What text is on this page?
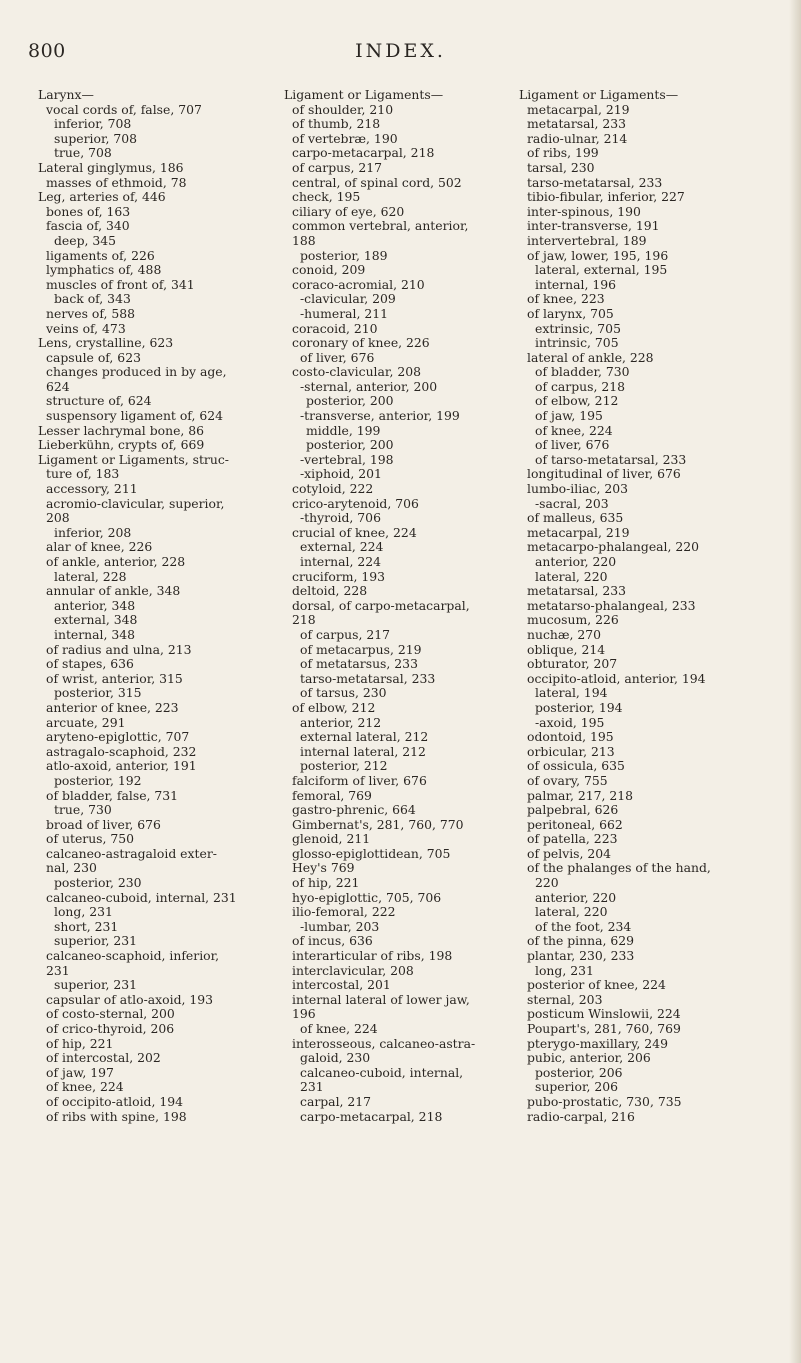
800	INDEX.
Larynx—
vocal cords of, false, 707
inferior, 708
superior, 708
true, 708
Lateral ginglymus, 186
masses of ethmoid, 78
Leg, arteries of, 446
bones of, 163
fascia of, 340
deep, 345
ligaments of, 226
lymphatics of, 488
muscles of front of, 341
back of, 343
nerves of, 588
veins of, 473
Lens, crystalline, 623
capsule of, 623
changes produced in by age,
624
structure of, 624
suspensory ligament of, 624
Lesser lachrymal bone, 86
Lieberkühn, crypts of, 669
Ligament or Ligaments, struc-
ture of, 183
accessory, 211
acromio-clavicular, superior,
208
inferior, 208
alar of knee, 226
of ankle, anterior, 228
lateral, 228
annular of ankle, 348
anterior, 348
external, 348
internal, 348
of radius and ulna, 213
of stapes, 636
of wrist, anterior, 315
posterior, 315
anterior of knee, 223
arcuate, 291
aryteno-epiglottic, 707
astragalo-scaphoid, 232
atlo-axoid, anterior, 191
posterior, 192
of bladder, false, 731
true, 730
broad of liver, 676
of uterus, 750
calcaneo-astragaloid exter-
nal, 230
posterior, 230
calcaneo-cuboid, internal, 231
long, 231
short, 231
superior, 231
calcaneo-scaphoid, inferior,
231
superior, 231
capsular of atlo-axoid, 193
of costo-sternal, 200
of crico-thyroid, 206
of hip, 221
of intercostal, 202
of jaw, 197
of knee, 224
of occipito-atloid, 194
of ribs with spine, 198
Ligament or Ligaments—
of shoulder, 210
of thumb, 218
of vertebræ, 190
carpo-metacarpal, 218
of carpus, 217
central, of spinal cord, 502
check, 195
ciliary of eye, 620
common vertebral, anterior,
188
posterior, 189
conoid, 209
coraco-acromial, 210
-clavicular, 209
-humeral, 211
coracoid, 210
coronary of knee, 226
of liver, 676
costo-clavicular, 208
-sternal, anterior, 200
posterior, 200
-transverse, anterior, 199
middle, 199
posterior, 200
-vertebral, 198
-xiphoid, 201
cotyloid, 222
crico-arytenoid, 706
-thyroid, 706
crucial of knee, 224
external, 224
internal, 224
cruciform, 193
deltoid, 228
dorsal, of carpo-metacarpal,
218
of carpus, 217
of metacarpus, 219
of metatarsus, 233
tarso-metatarsal, 233
of tarsus, 230
of elbow, 212
anterior, 212
external lateral, 212
internal lateral, 212
posterior, 212
falciform of liver, 676
femoral, 769
gastro-phrenic, 664
Gimbernat's, 281, 760, 770
glenoid, 211
glosso-epiglottidean, 705
Hey's 769
of hip, 221
hyo-epiglottic, 705, 706
ilio-femoral, 222
-lumbar, 203
of incus, 636
interarticular of ribs, 198
interclavicular, 208
intercostal, 201
internal lateral of lower jaw,
196
of knee, 224
interosseous, calcaneo-astra-
galoid, 230
calcaneo-cuboid, internal,
231
carpal, 217
carpo-metacarpal, 218
Ligament or Ligaments—
metacarpal, 219
metatarsal, 233
radio-ulnar, 214
of ribs, 199
tarsal, 230
tarso-metatarsal, 233
tibio-fibular, inferior, 227
inter-spinous, 190
inter-transverse, 191
intervertebral, 189
of jaw, lower, 195, 196
lateral, external, 195
internal, 196
of knee, 223
of larynx, 705
extrinsic, 705
intrinsic, 705
lateral of ankle, 228
of bladder, 730
of carpus, 218
of elbow, 212
of jaw, 195
of knee, 224
of liver, 676
of tarso-metatarsal, 233
longitudinal of liver, 676
lumbo-iliac, 203
-sacral, 203
of malleus, 635
metacarpal, 219
metacarpo-phalangeal, 220
anterior, 220
lateral, 220
metatarsal, 233
metatarso-phalangeal, 233
mucosum, 226
nuchæ, 270
oblique, 214
obturator, 207
occipito-atloid, anterior, 194
lateral, 194
posterior, 194
-axoid, 195
odontoid, 195
orbicular, 213
of ossicula, 635
of ovary, 755
palmar, 217, 218
palpebral, 626
peritoneal, 662
of patella, 223
of pelvis, 204
of the phalanges of the hand,
220
anterior, 220
lateral, 220
of the foot, 234
of the pinna, 629
plantar, 230, 233
long, 231
posterior of knee, 224
sternal, 203
posticum Winslowii, 224
Poupart's, 281, 760, 769
pterygo-maxillary, 249
pubic, anterior, 206
posterior, 206
superior, 206
pubo-prostatic, 730, 735
radio-carpal, 216
